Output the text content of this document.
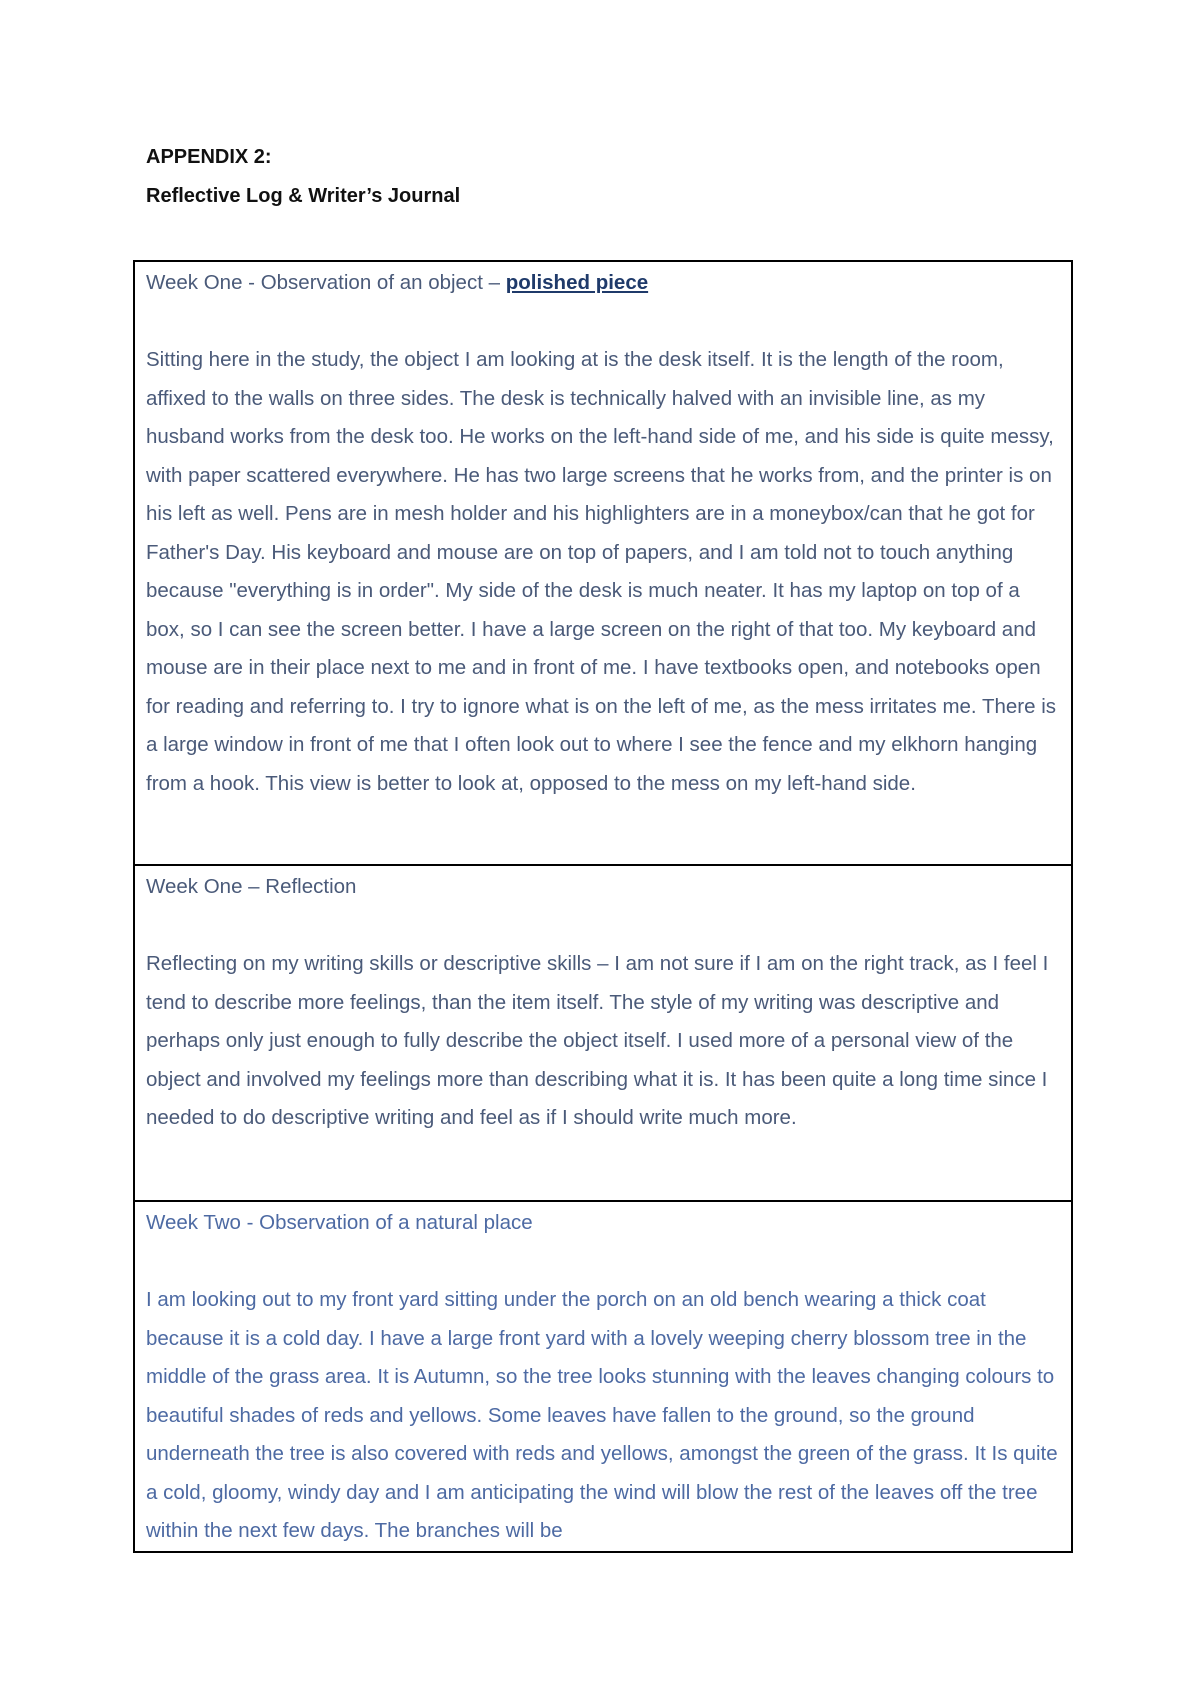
APPENDIX 2:

Reflective Log & Writer’s Journal

Week One - Observation of an object – polished piece
Sitting here in the study, the object I am looking at is the desk itself. It is the length of the room, affixed to the walls on three sides. The desk is technically halved with an invisible line, as my husband works from the desk too. He works on the left-hand side of me, and his side is quite messy, with paper scattered everywhere. He has two large screens that he works from, and the printer is on his left as well. Pens are in mesh holder and his highlighters are in a moneybox/can that he got for Father's Day. His keyboard and mouse are on top of papers, and I am told not to touch anything because "everything is in order". My side of the desk is much neater. It has my laptop on top of a box, so I can see the screen better. I have a large screen on the right of that too. My keyboard and mouse are in their place next to me and in front of me. I have textbooks open, and notebooks open for reading and referring to. I try to ignore what is on the left of me, as the mess irritates me. There is a large window in front of me that I often look out to where I see the fence and my elkhorn hanging from a hook. This view is better to look at, opposed to the mess on my left-hand side.

Week One – Reflection
Reflecting on my writing skills or descriptive skills – I am not sure if I am on the right track, as I feel I tend to describe more feelings, than the item itself. The style of my writing was descriptive and perhaps only just enough to fully describe the object itself. I used more of a personal view of the object and involved my feelings more than describing what it is. It has been quite a long time since I needed to do descriptive writing and feel as if I should write much more.

Week Two - Observation of a natural place
I am looking out to my front yard sitting under the porch on an old bench wearing a thick coat because it is a cold day. I have a large front yard with a lovely weeping cherry blossom tree in the middle of the grass area. It is Autumn, so the tree looks stunning with the leaves changing colours to beautiful shades of reds and yellows. Some leaves have fallen to the ground, so the ground underneath the tree is also covered with reds and yellows, amongst the green of the grass. It Is quite a cold, gloomy, windy day and I am anticipating the wind will blow the rest of the leaves off the tree within the next few days. The branches will be
